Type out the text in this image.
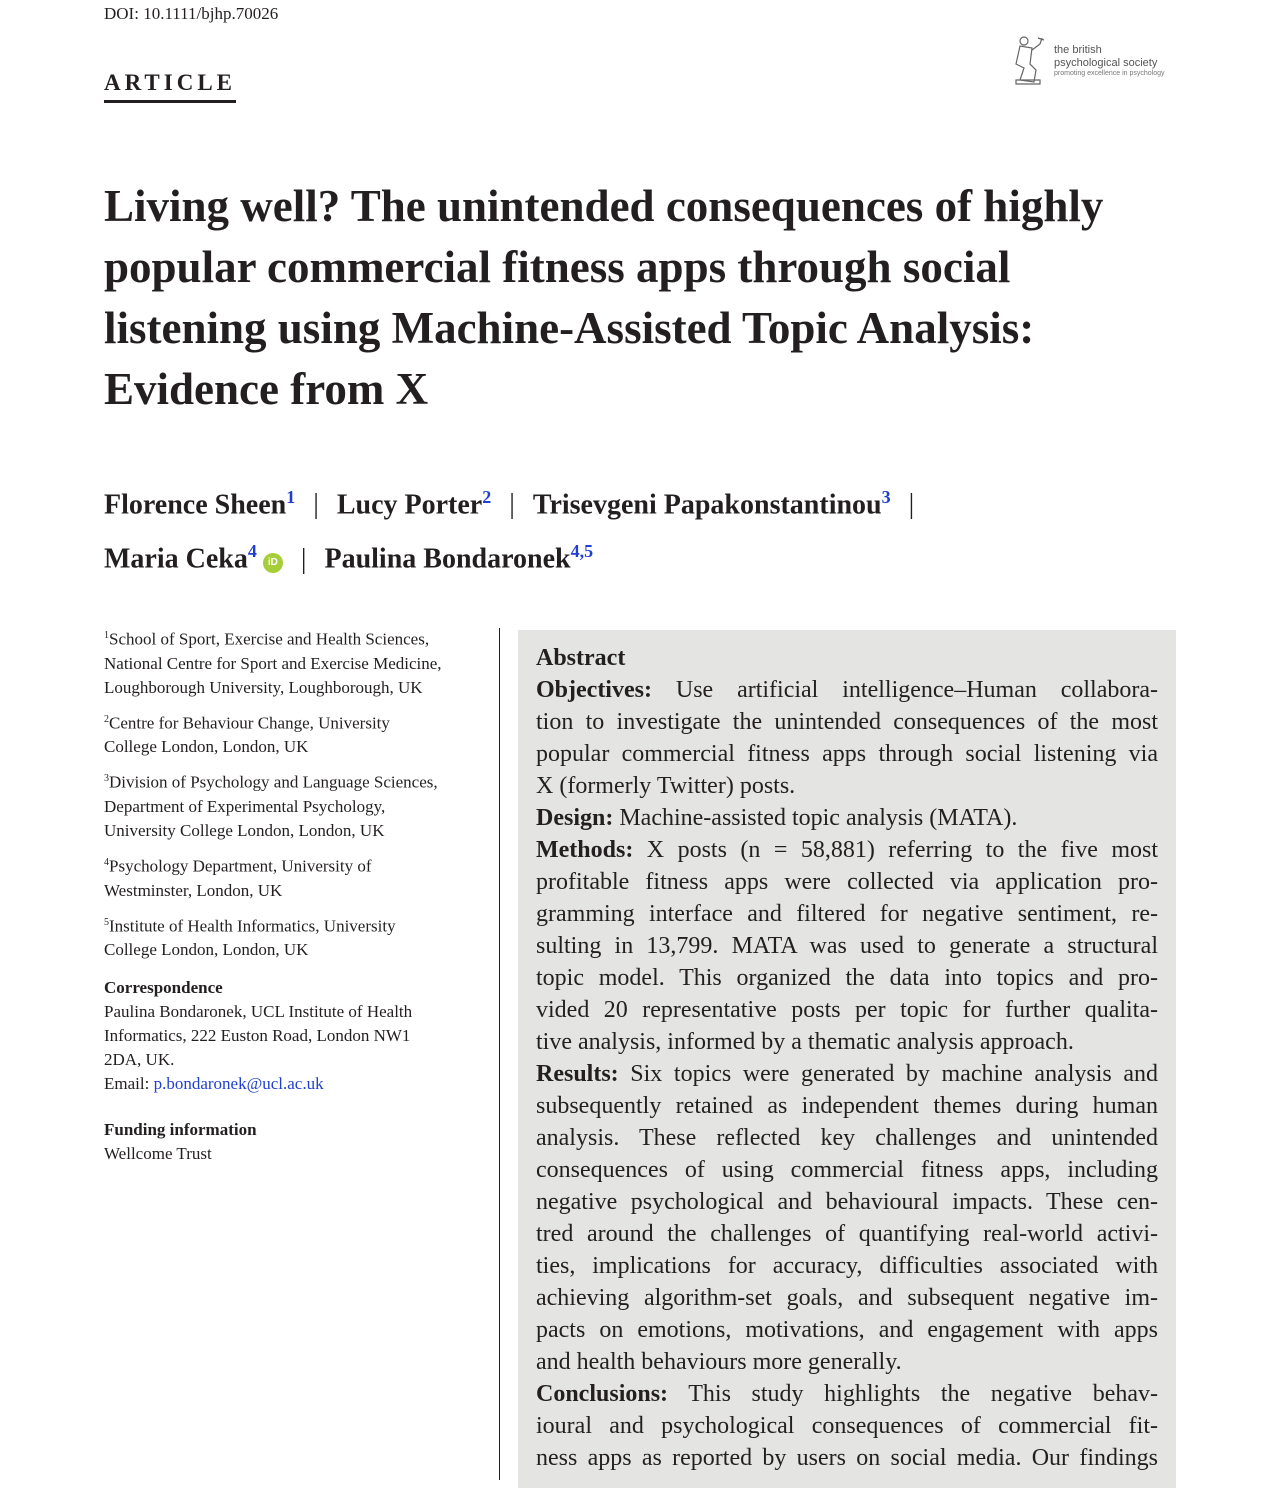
DOI: 10.1111/bjhp.70026
ARTICLE
the british
psychological society
promoting excellence in psychology
Living well? The unintended consequences of highly
popular commercial fitness apps through social
listening using Machine-Assisted Topic Analysis:
Evidence from X
Florence Sheen$^1$ | Lucy Porter$^2$ | Trisevgeni Papakonstantinou$^3$ |
Maria Ceka$^4$iD | Paulina Bondaronek$^{4,5}$
$^1$School of Sport, Exercise and Health Sciences,
National Centre for Sport and Exercise Medicine,
Loughborough University, Loughborough, UK
$^2$Centre for Behaviour Change, University
College London, London, UK
$^3$Division of Psychology and Language Sciences,
Department of Experimental Psychology,
University College London, London, UK
$^4$Psychology Department, University of
Westminster, London, UK
$^5$Institute of Health Informatics, University
College London, London, UK
Correspondence
Paulina Bondaronek, UCL Institute of Health
Informatics, 222 Euston Road, London NW1
2DA, UK.
Email: p.bondaronek@ucl.ac.uk
Funding information
Wellcome Trust
Abstract
Objectives: Use artificial intelligence–Human collabora-
tion to investigate the unintended consequences of the most
popular commercial fitness apps through social listening via
X (formerly Twitter) posts.
Design: Machine-assisted topic analysis (MATA).
Methods: X posts (n = 58,881) referring to the five most
profitable fitness apps were collected via application pro-
gramming interface and filtered for negative sentiment, re-
sulting in 13,799. MATA was used to generate a structural
topic model. This organized the data into topics and pro-
vided 20 representative posts per topic for further qualita-
tive analysis, informed by a thematic analysis approach.
Results: Six topics were generated by machine analysis and
subsequently retained as independent themes during human
analysis. These reflected key challenges and unintended
consequences of using commercial fitness apps, including
negative psychological and behavioural impacts. These cen-
tred around the challenges of quantifying real-world activi-
ties, implications for accuracy, difficulties associated with
achieving algorithm-set goals, and subsequent negative im-
pacts on emotions, motivations, and engagement with apps
and health behaviours more generally.
Conclusions: This study highlights the negative behav-
ioural and psychological consequences of commercial fit-
ness apps as reported by users on social media. Our findings
